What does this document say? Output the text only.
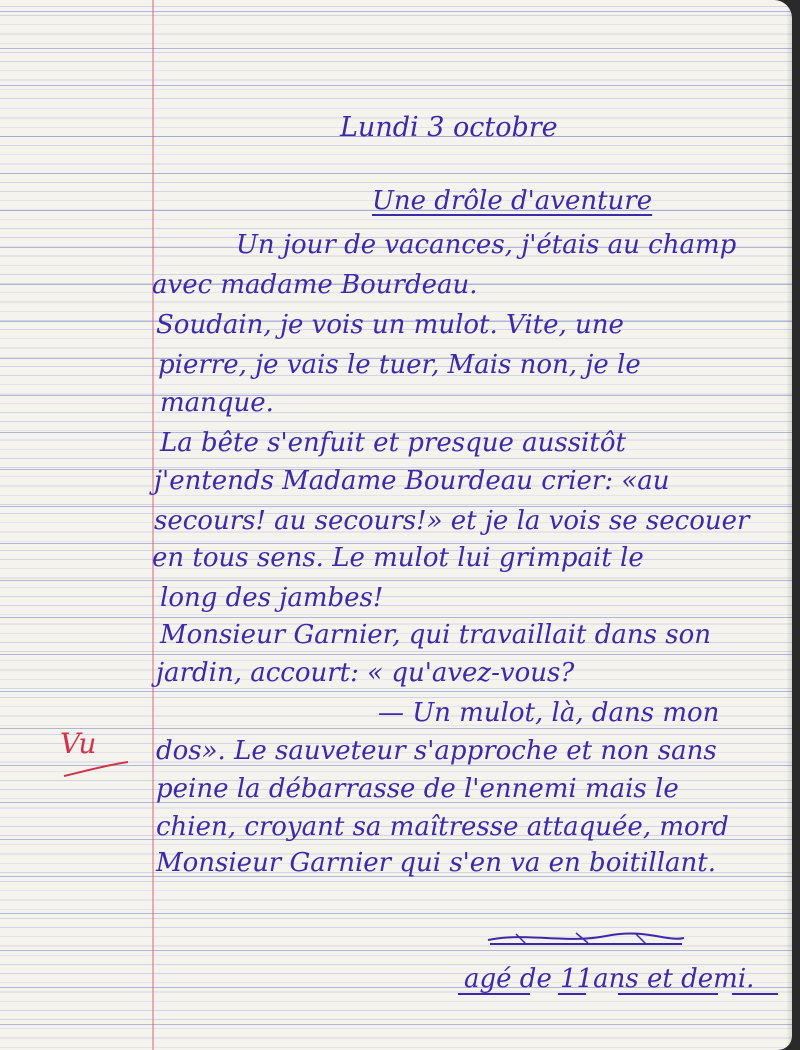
Lundi 3 octobre

Une drôle d'aventure

Un jour de vacances, j'étais au champ

avec madame Bourdeau.

Soudain, je vois un mulot. Vite, une

pierre, je vais le tuer, Mais non, je le

manque.

La bête s'enfuit et presque aussitôt

j'entends Madame Bourdeau crier: «au

secours! au secours!» et je la vois se secouer

en tous sens. Le mulot lui grimpait le

long des jambes!

Monsieur Garnier, qui travaillait dans son

jardin, accourt: « qu'avez-vous?

— Un mulot, là, dans mon

dos». Le sauveteur s'approche et non sans

peine la débarrasse de l'ennemi mais le

chien, croyant sa maîtresse attaquée, mord

Monsieur Garnier qui s'en va en boitillant.

agé de 11ans et demi.

Vu
